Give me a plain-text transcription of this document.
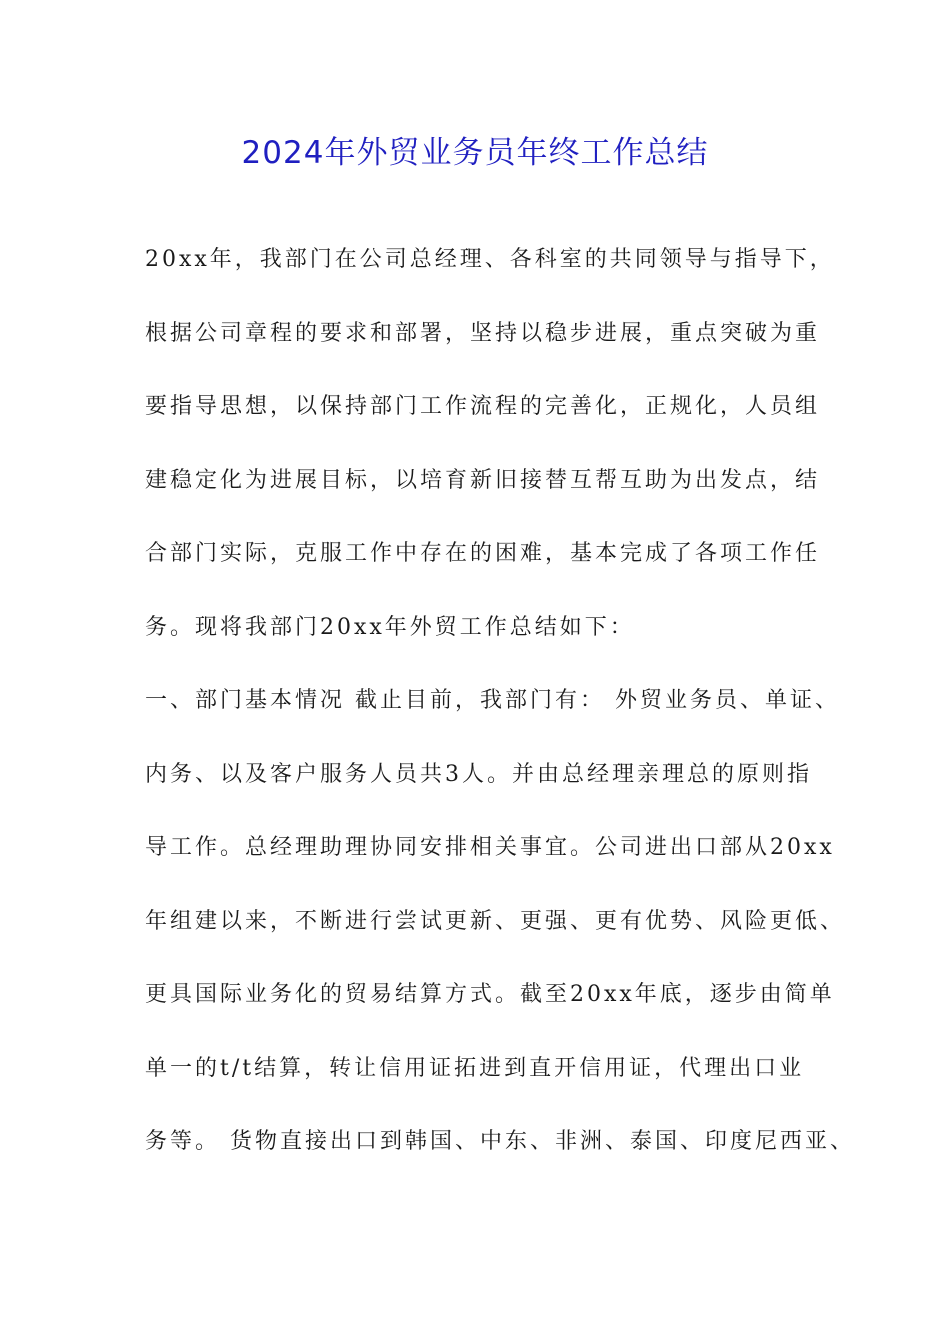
2024年外贸业务员年终工作总结
20xx年，我部门在公司总经理、各科室的共同领导与指导下，
根据公司章程的要求和部署，坚持以稳步进展，重点突破为重
要指导思想，以保持部门工作流程的完善化，正规化，人员组
建稳定化为进展目标，以培育新旧接替互帮互助为出发点，结
合部门实际，克服工作中存在的困难，基本完成了各项工作任
务。现将我部门20xx年外贸工作总结如下：
一、部门基本情况 截止目前，我部门有： 外贸业务员、单证、
内务、以及客户服务人员共3人。并由总经理亲理总的原则指
导工作。总经理助理协同安排相关事宜。公司进出口部从20xx
年组建以来，不断进行尝试更新、更强、更有优势、风险更低、
更具国际业务化的贸易结算方式。截至20xx年底，逐步由简单
单一的t/t结算，转让信用证拓进到直开信用证，代理出口业
务等。 货物直接出口到韩国、中东、非洲、泰国、印度尼西亚、
